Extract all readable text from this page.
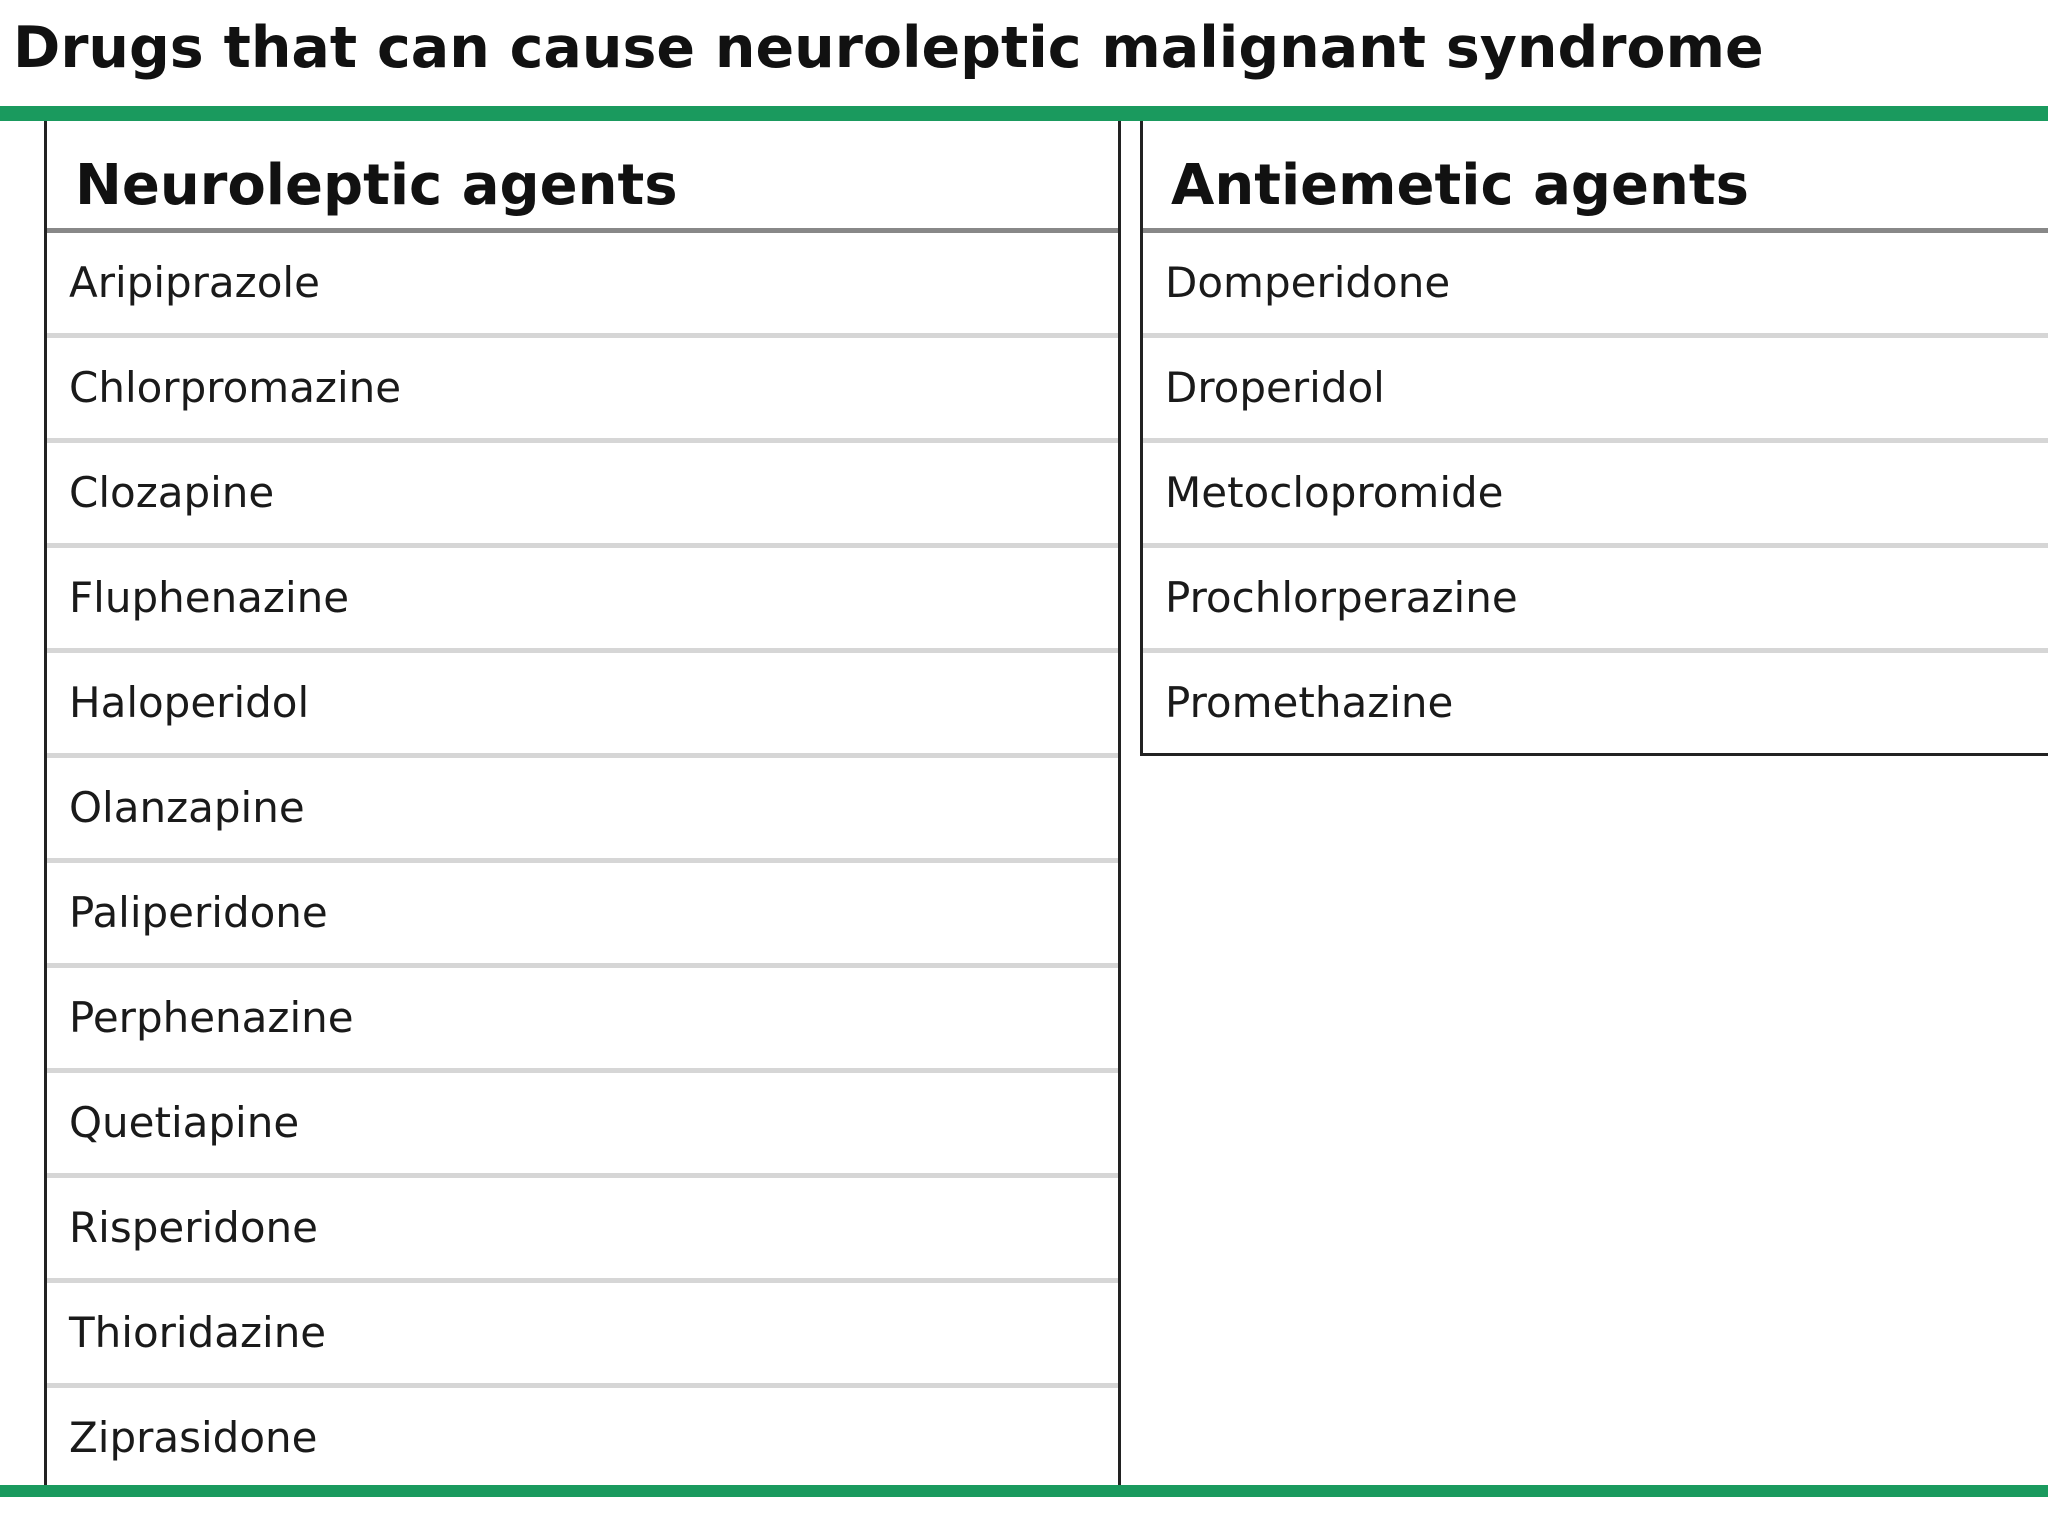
Drugs that can cause neuroleptic malignant syndrome
Neuroleptic agents
Aripiprazole
Chlorpromazine
Clozapine
Fluphenazine
Haloperidol
Olanzapine
Paliperidone
Perphenazine
Quetiapine
Risperidone
Thioridazine
Ziprasidone
Antiemetic agents
Domperidone
Droperidol
Metoclopromide
Prochlorperazine
Promethazine
